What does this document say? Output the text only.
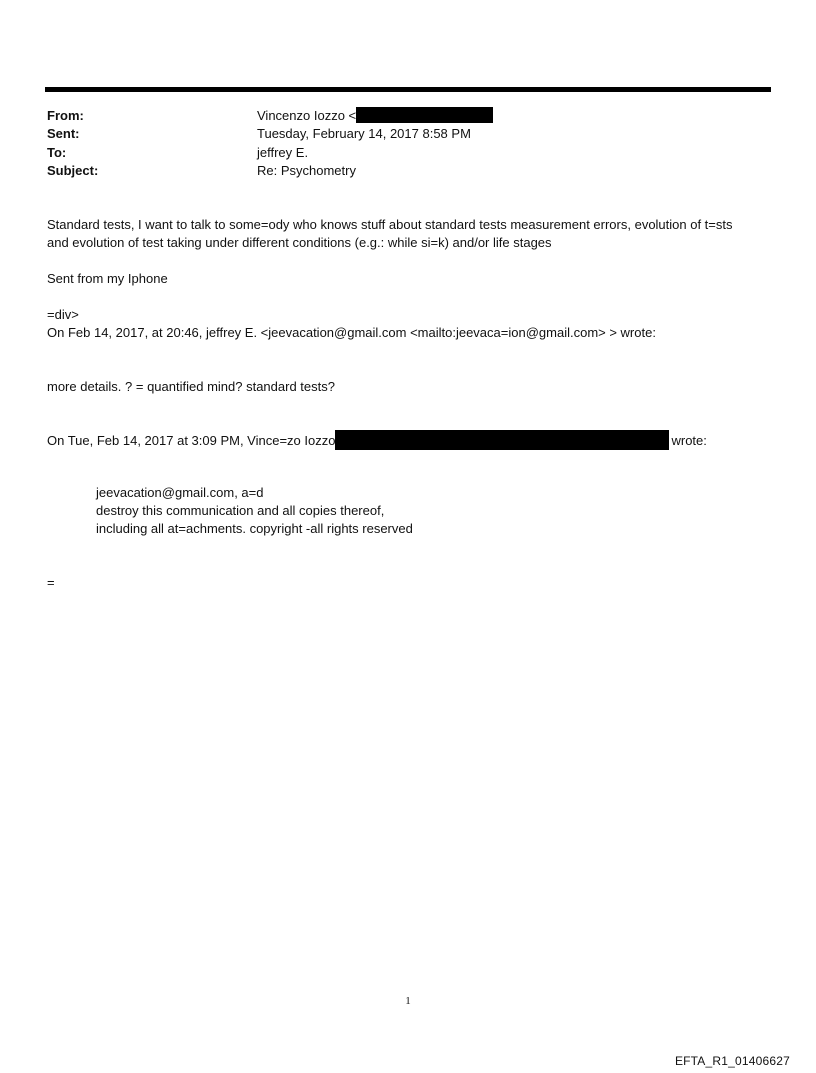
From:	Vincenzo Iozzo <
Sent:	Tuesday, February 14, 2017 8:58 PM
To:	jeffrey E.
Subject:	Re: Psychometry
Standard tests, I want to talk to some=ody who knows stuff about standard tests measurement errors, evolution of t=sts
and evolution of test taking under different conditions (e.g.: while si=k) and/or life stages
Sent from my Iphone
=div>
On Feb 14, 2017, at 20:46, jeffrey E. <jeevacation@gmail.com <mailto:jeevaca=ion@gmail.com> > wrote:
more details. ? = quantified mind? standard tests?
On Tue, Feb 14, 2017 at 3:09 PM, Vince=zo Iozzo	wrote:
jeevacation@gmail.com, a=d
destroy this communication and all copies thereof,
including all at=achments. copyright -all rights reserved
=
1
EFTA_R1_01406627
